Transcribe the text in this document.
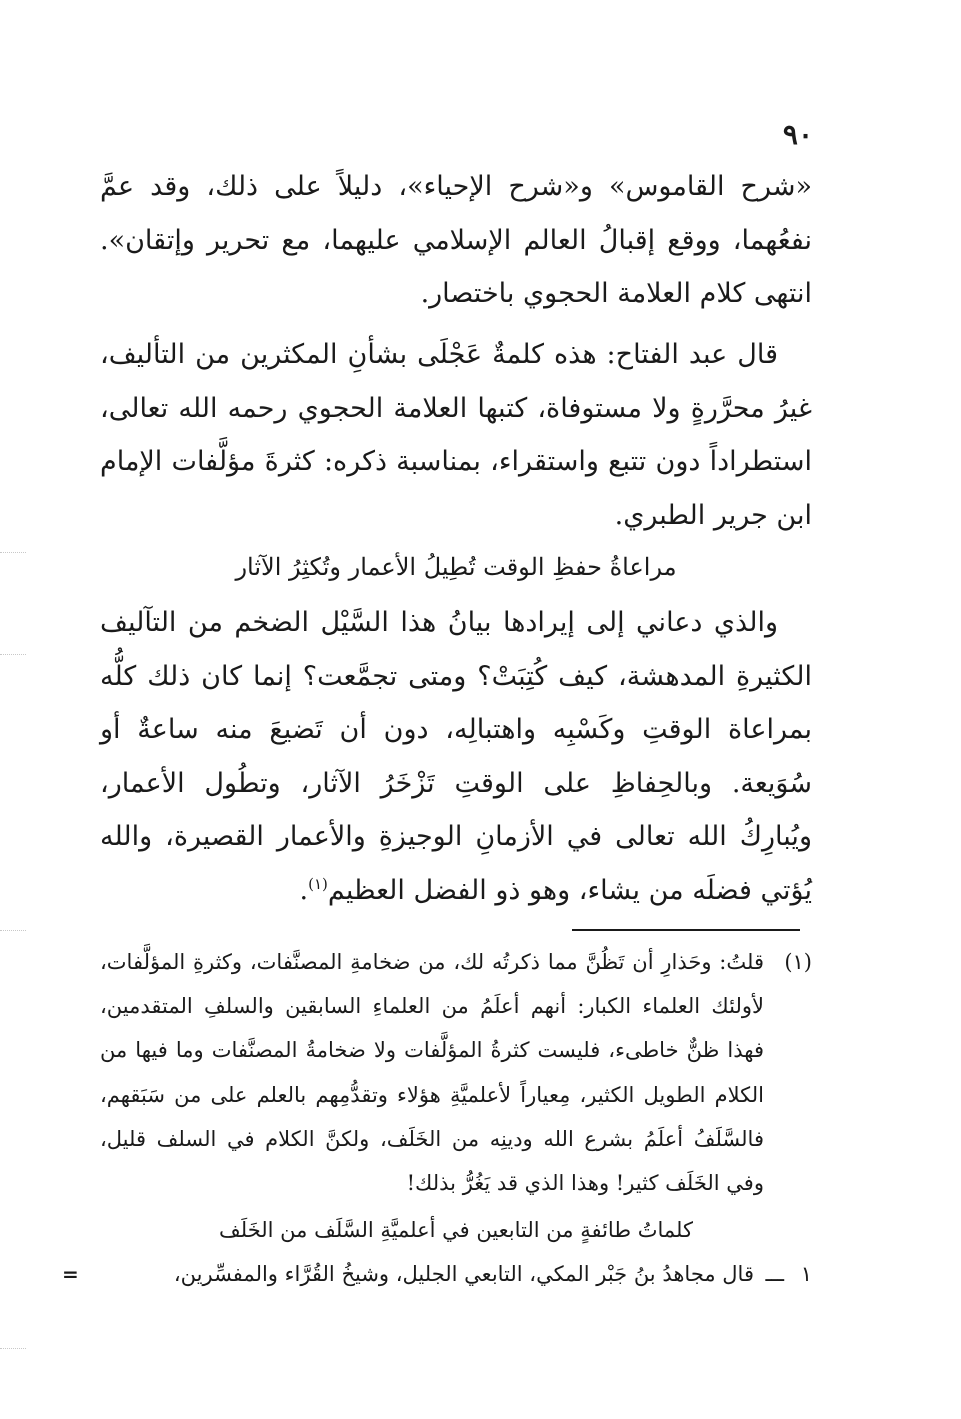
٩٠

«شرح القاموس» و«شرح الإحياء»، دليلاً على ذلك، وقد عمَّ نفعُهما، ووقع إقبالُ العالم الإسلامي عليهما، مع تحرير وإتقان». انتهى كلام العلامة الحجوي باختصار.

قال عبد الفتاح: هذه كلمةٌ عَجْلَى بشأنِ المكثرين من التأليف، غيرُ محرَّرةٍ ولا مستوفاة، كتبها العلامة الحجوي رحمه الله تعالى، استطراداً دون تتبع واستقراء، بمناسبة ذكره: كثرةَ مؤلَّفات الإمام ابن جرير الطبري.

مراعاةُ حفظِ الوقت تُطِيلُ الأعمار وتُكثِرُ الآثار

والذي دعاني إلى إيرادها بيانُ هذا السَّيْل الضخم من التآليف الكثيرةِ المدهشة، كيف كُتِبَتْ؟ ومتى تجمَّعت؟ إنما كان ذلك كلُّه بمراعاة الوقتِ وكَسْبِه واهتبالِه، دون أن تَضيعَ منه ساعةٌ أو سُوَيعة. وبالحِفاظِ على الوقتِ تَزْخَرُ الآثار، وتطُول الأعمار، ويُبارِكُ الله تعالى في الأزمانِ الوجيزةِ والأعمار القصيرة، والله يُؤتي فضلَه من يشاء، وهو ذو الفضل العظيم$^{(١)}$.

(١)
قلتُ: وحَذارِ أن تَظُنَّ مما ذكرتُه لك، من ضخامةِ المصنَّفات، وكثرةِ المؤلَّفات، لأولئك العلماء الكبار: أنهم أعلَمُ من العلماءِ السابقين والسلفِ المتقدمين، فهذا ظنٌّ خاطىء، فليست كثرةُ المؤلَّفات ولا ضخامةُ المصنَّفات وما فيها من الكلام الطويل الكثير، مِعياراً لأعلميَّةِ هؤلاء وتقدُّمِهم بالعلم على من سَبَقهم، فالسَّلَفُ أعلَمُ بشرع الله ودينِه من الخَلَف، ولكنَّ الكلام في السلف قليل، وفي الخَلَف كثير! وهذا الذي قد يَغُرُّ بذلك!
كلماتُ طائفةٍ من التابعين في أعلميَّةِ السَّلَف من الخَلَف
١
ـــ
قال مجاهدُ بنُ جَبْر المكي، التابعي الجليل، وشيخُ القُرَّاء والمفسِّرين،
=
